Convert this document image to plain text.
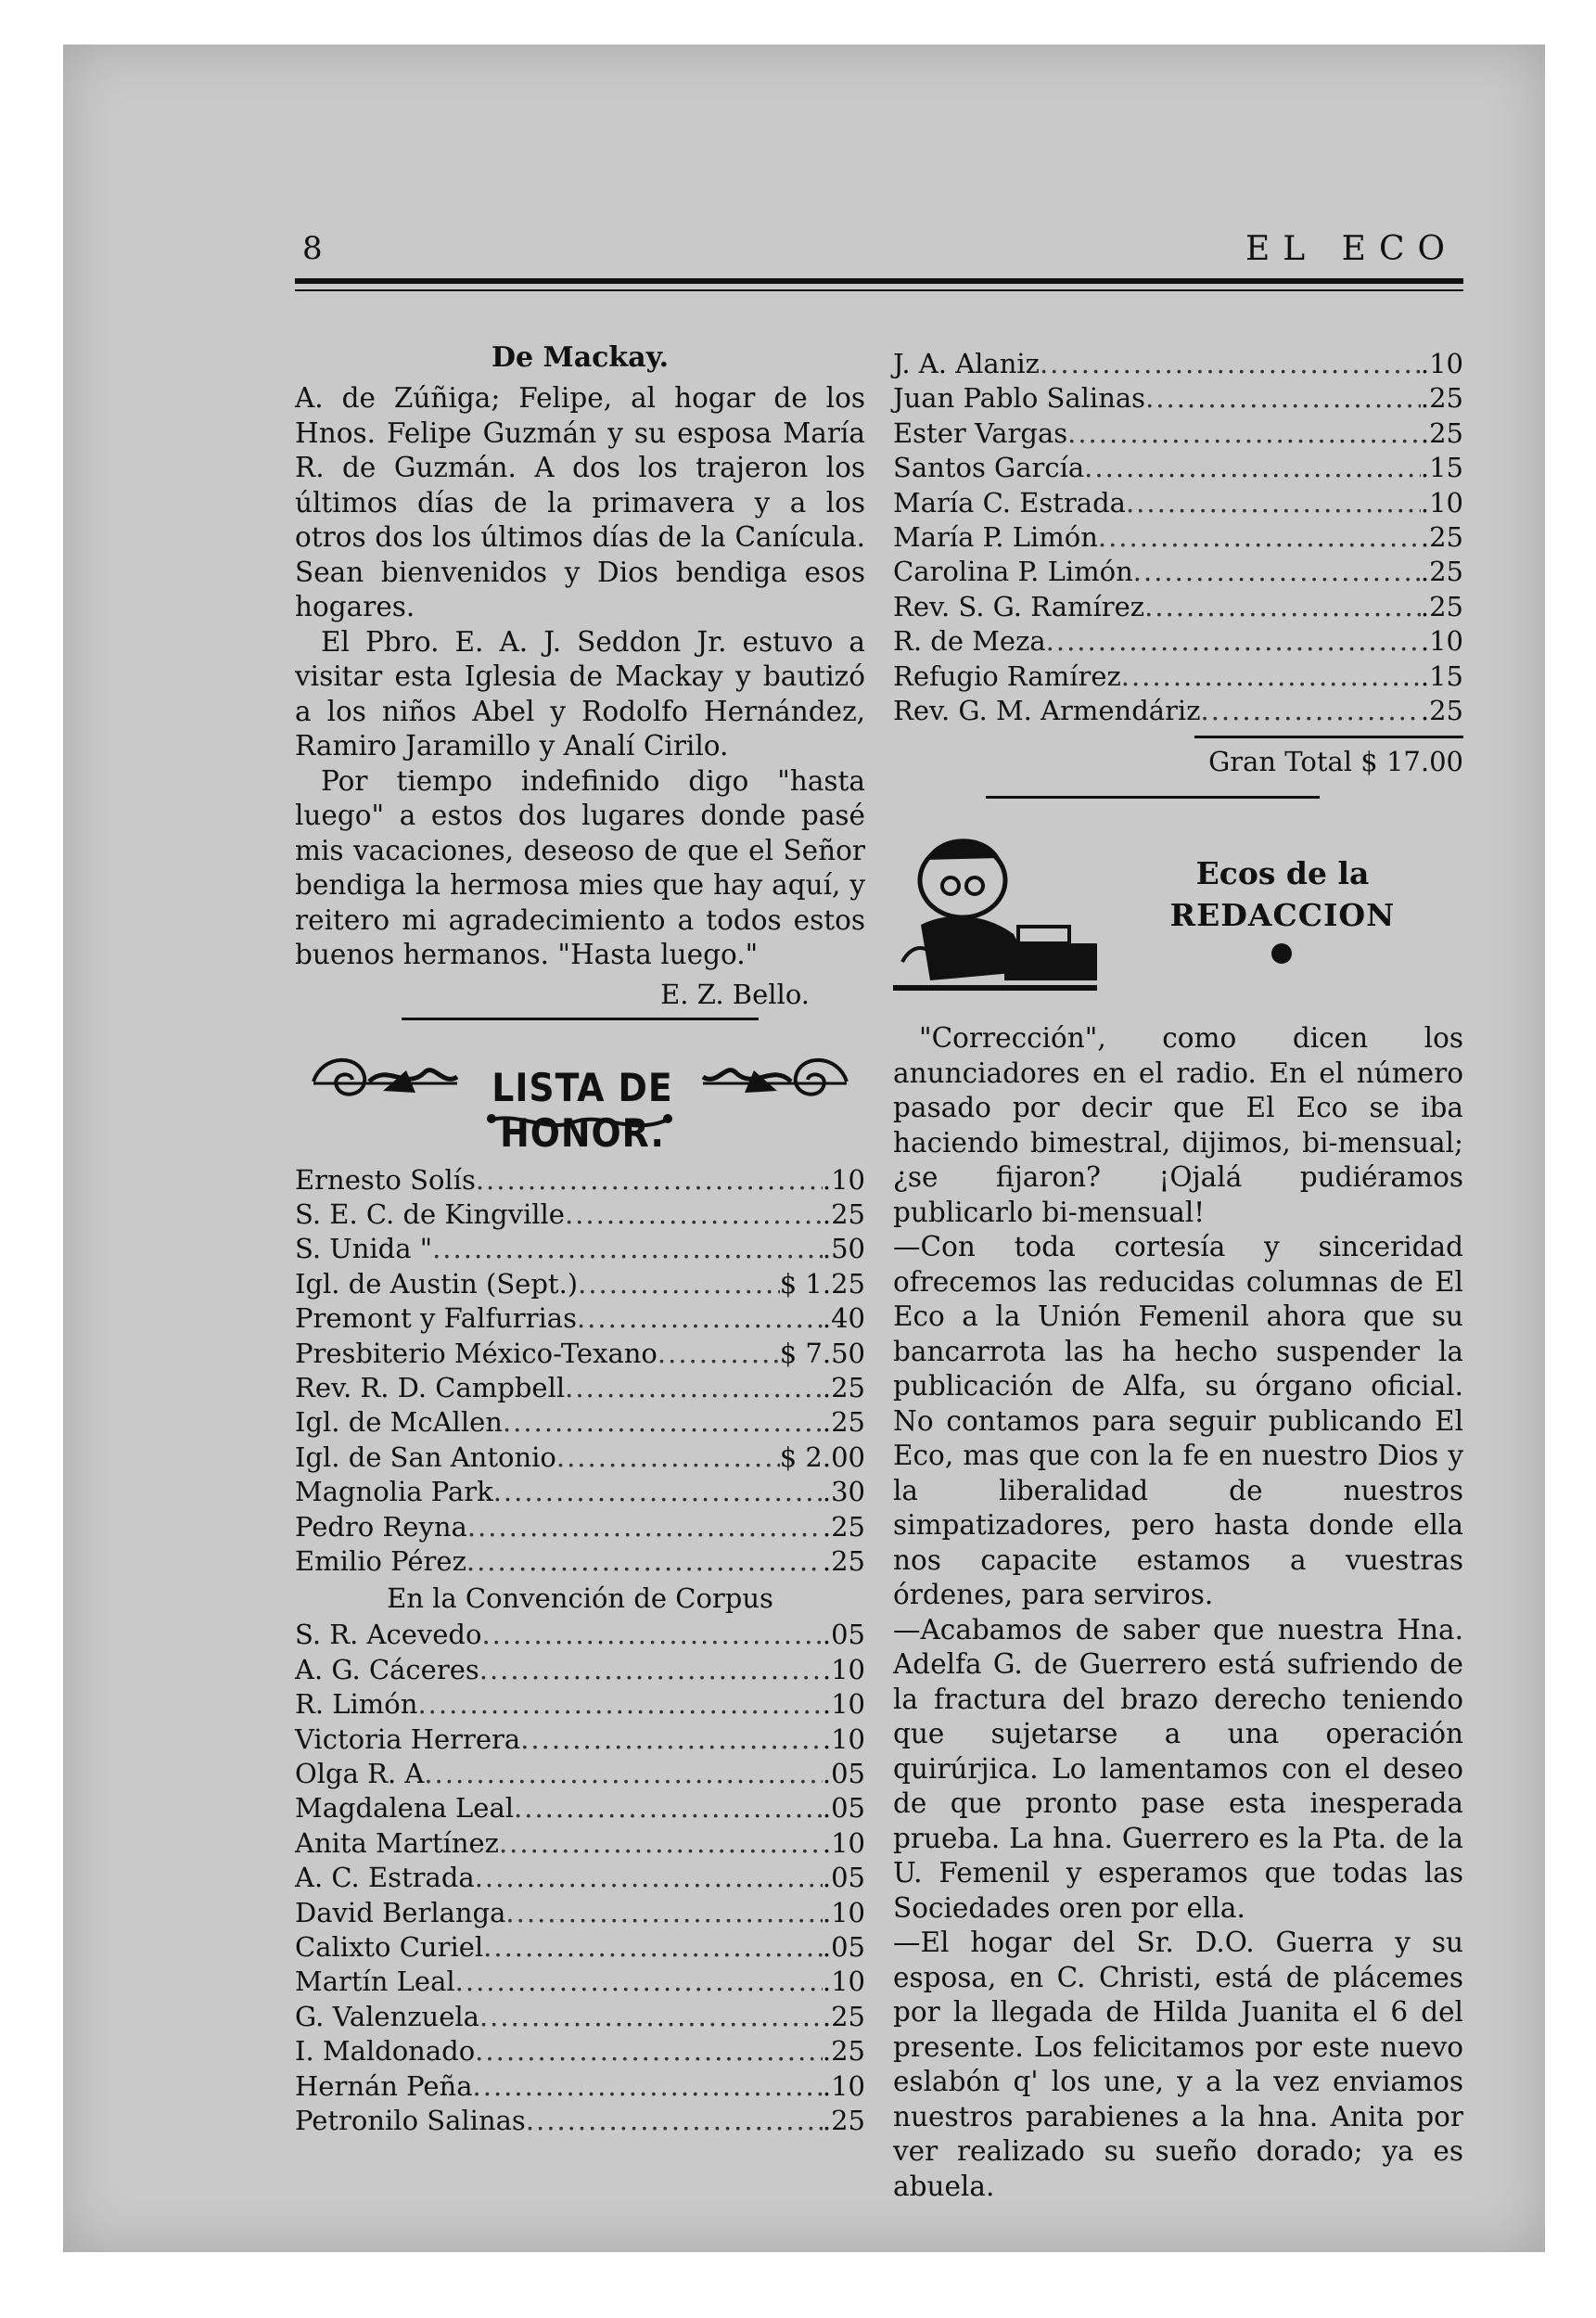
8	EL ECO
De Mackay.

A. de Zúñiga; Felipe, al hogar de los Hnos. Felipe Guzmán y su esposa María R. de Guzmán. A dos los trajeron los últimos días de la primavera y a los otros dos los últimos días de la Canícula. Sean bienvenidos y Dios bendiga esos hogares.

El Pbro. E. A. J. Seddon Jr. estuvo a visitar esta Iglesia de Mackay y bautizó a los niños Abel y Rodolfo Hernández, Ramiro Jaramillo y Analí Cirilo.

Por tiempo indefinido digo "hasta luego" a estos dos lugares donde pasé mis vacaciones, deseoso de que el Señor bendiga la hermosa mies que hay aquí, y reitero mi agradecimiento a todos estos buenos hermanos. "Hasta luego."

E. Z. Bello.
LISTA DE HONOR.
Ernesto Solís .....	.10
S. E. C. de Kingville .....	.25
S. Unida " .....	.50
Igl. de Austin (Sept.) .....	$ 1.25
Premont y Falfurrias .....	.40
Presbiterio México-Texano .....	$ 7.50
Rev. R. D. Campbell .....	.25
Igl. de McAllen .....	.25
Igl. de San Antonio .....	$ 2.00
Magnolia Park .....	.30
Pedro Reyna .....	.25
Emilio Pérez .....	.25
En la Convención de Corpus
S. R. Acevedo .....	.05
A. G. Cáceres .....	.10
R. Limón .....	.10
Victoria Herrera .....	.10
Olga R. A .....	.05
Magdalena Leal .....	.05
Anita Martínez .....	.10
A. C. Estrada .....	.05
David Berlanga .....	.10
Calixto Curiel .....	.05
Martín Leal .....	.10
G. Valenzuela .....	.25
I. Maldonado .....	.25
Hernán Peña .....	.10
Petronilo Salinas .....	.25
J. A. Alaniz .....	.10
Juan Pablo Salinas .....	.25
Ester Vargas .....	.25
Santos García .....	.15
María C. Estrada .....	.10
María P. Limón .....	.25
Carolina P. Limón .....	.25
Rev. S. G. Ramírez .....	.25
R. de Meza .....	.10
Refugio Ramírez .....	.15
Rev. G. M. Armendáriz .....	.25
Gran Total $ 17.00
Ecos de la
REDACCION

"Corrección", como dicen los anunciadores en el radio. En el número pasado por decir que El Eco se iba haciendo bimestral, dijimos, bi-mensual; ¿se fijaron? ¡Ojalá pudiéramos publicarlo bi-mensual!

—Con toda cortesía y sinceridad ofrecemos las reducidas columnas de El Eco a la Unión Femenil ahora que su bancarrota las ha hecho suspender la publicación de Alfa, su órgano oficial. No contamos para seguir publicando El Eco, mas que con la fe en nuestro Dios y la liberalidad de nuestros simpatizadores, pero hasta donde ella nos capacite estamos a vuestras órdenes, para serviros.

—Acabamos de saber que nuestra Hna. Adelfa G. de Guerrero está sufriendo de la fractura del brazo derecho teniendo que sujetarse a una operación quirúrjica. Lo lamentamos con el deseo de que pronto pase esta inesperada prueba. La hna. Guerrero es la Pta. de la U. Femenil y esperamos que todas las Sociedades oren por ella.

—El hogar del Sr. D.O. Guerra y su esposa, en C. Christi, está de plácemes por la llegada de Hilda Juanita el 6 del presente. Los felicitamos por este nuevo eslabón q' los une, y a la vez enviamos nuestros parabienes a la hna. Anita por ver realizado su sueño dorado; ya es abuela.
